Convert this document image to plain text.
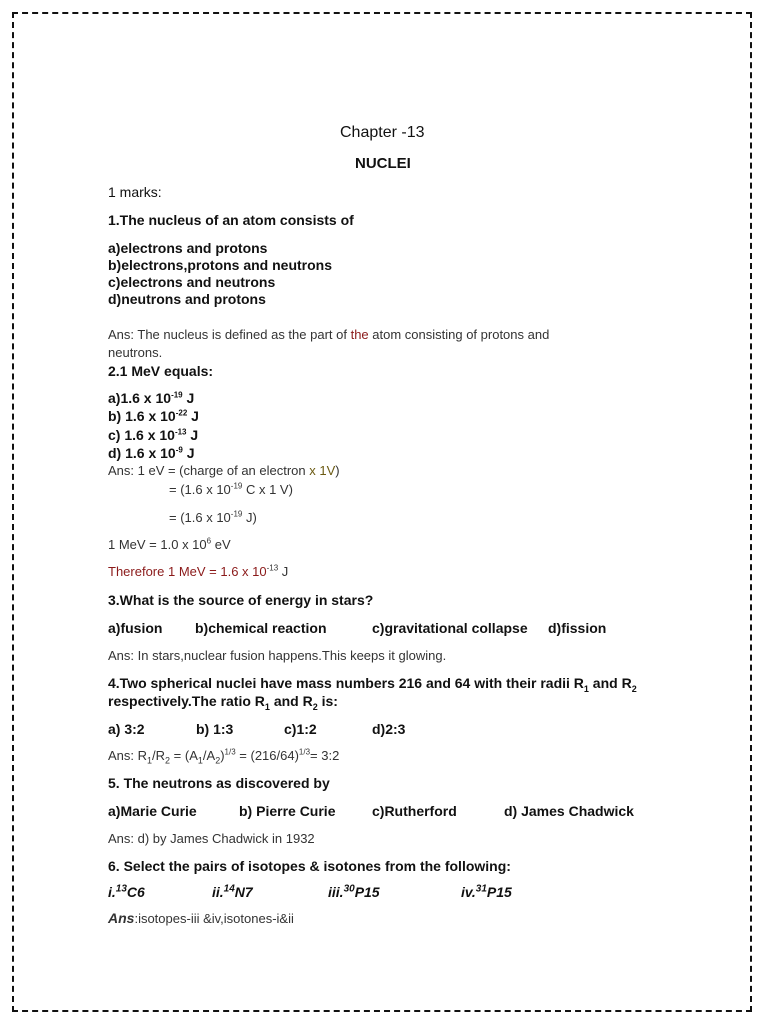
Chapter -13
NUCLEI
1 marks:
1.The nucleus of an atom consists of
a)electrons and protons
b)electrons,protons and neutrons
c)electrons and neutrons
d)neutrons and protons
Ans: The nucleus is defined as the part of the atom consisting of protons and
neutrons.
2.1 MeV equals:
a)1.6 x $10^{-19}$ J
b) 1.6 x $10^{-22}$ J
c) 1.6 x $10^{-13}$ J
d) 1.6 x $10^{-9}$ J
Ans: 1 eV = (charge of an electron x 1V)
= (1.6 x $10^{-19}$ C x 1 V)
= (1.6 x $10^{-19}$ J)
1 MeV = 1.0 x $10^6$ eV
Therefore 1 MeV = 1.6 x $10^{-13}$ J
3.What is the source of energy in stars?
a)fusion b)chemical reaction	c)gravitational collapse d)fission
Ans: In stars,nuclear fusion happens.This keeps it glowing.
4.Two spherical nuclei have mass numbers 216 and 64 with their radii $R_1$ and $R_2$
respectively.The ratio $R_1$ and $R_2$ is:
a) 3:2	b) 1:3	c)1:2	d)2:3
Ans: $R_1/R_2 = (A_1/A_2)^{1/3} = (216/64)^{1/3}=$ 3:2
5. The neutrons as discovered by
a)Marie Curie	b) Pierre Curie	c)Rutherford	d) James Chadwick
Ans: d) by James Chadwick in 1932
6. Select the pairs of isotopes & isotones from the following:
i.$^{13}$C6	ii.$^{14}$N7	iii.$^{30}$P15	iv.$^{31}$P15
Ans:isotopes-iii &iv,isotones-i&ii
